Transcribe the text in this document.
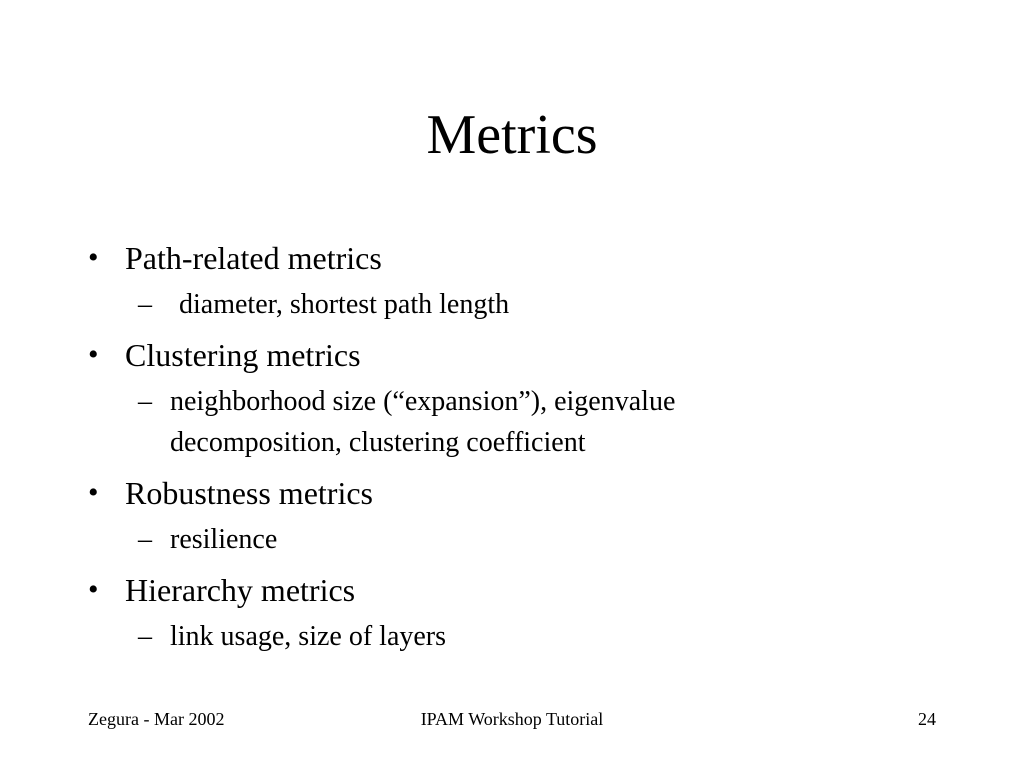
Metrics
• Path-related metrics
– diameter, shortest path length
• Clustering metrics
– neighborhood size (“expansion”), eigenvalue decomposition, clustering coefficient
• Robustness metrics
– resilience
• Hierarchy metrics
– link usage, size of layers
Zegura - Mar 2002	IPAM Workshop Tutorial	24
